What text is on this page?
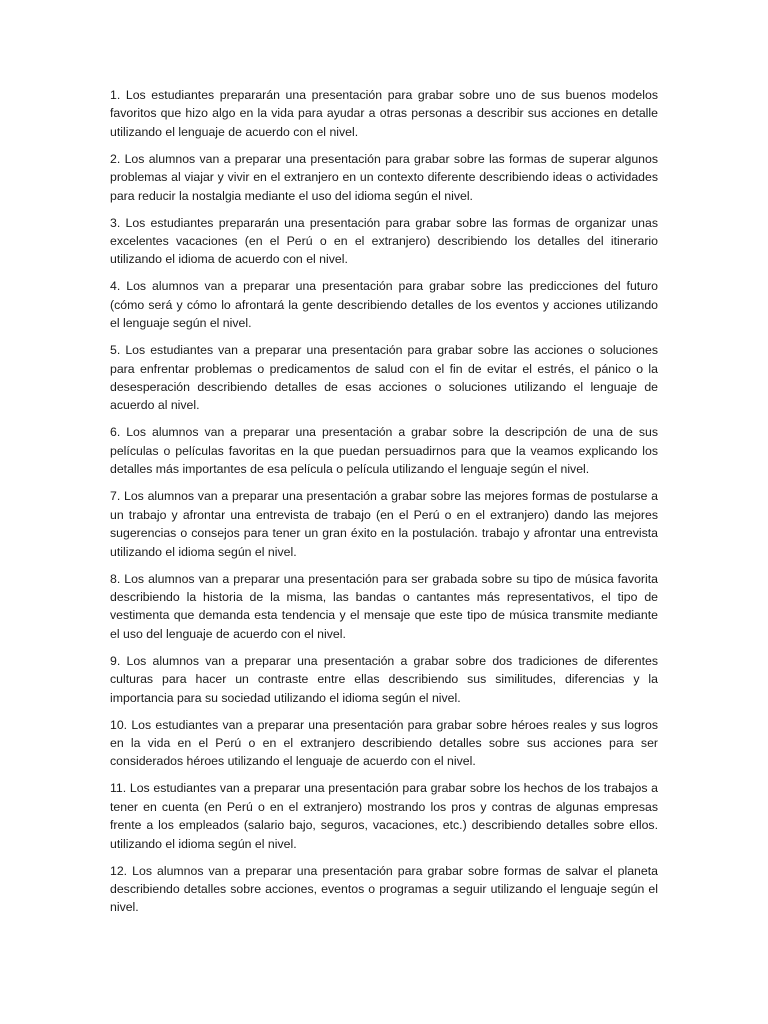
1. Los estudiantes prepararán una presentación para grabar sobre uno de sus buenos modelos favoritos que hizo algo en la vida para ayudar a otras personas a describir sus acciones en detalle utilizando el lenguaje de acuerdo con el nivel.

2. Los alumnos van a preparar una presentación para grabar sobre las formas de superar algunos problemas al viajar y vivir en el extranjero en un contexto diferente describiendo ideas o actividades para reducir la nostalgia mediante el uso del idioma según el nivel.

3. Los estudiantes prepararán una presentación para grabar sobre las formas de organizar unas excelentes vacaciones (en el Perú o en el extranjero) describiendo los detalles del itinerario utilizando el idioma de acuerdo con el nivel.

4. Los alumnos van a preparar una presentación para grabar sobre las predicciones del futuro (cómo será y cómo lo afrontará la gente describiendo detalles de los eventos y acciones utilizando el lenguaje según el nivel.

5. Los estudiantes van a preparar una presentación para grabar sobre las acciones o soluciones para enfrentar problemas o predicamentos de salud con el fin de evitar el estrés, el pánico o la desesperación describiendo detalles de esas acciones o soluciones utilizando el lenguaje de acuerdo al nivel.

6. Los alumnos van a preparar una presentación a grabar sobre la descripción de una de sus películas o películas favoritas en la que puedan persuadirnos para que la veamos explicando los detalles más importantes de esa película o película utilizando el lenguaje según el nivel.

7. Los alumnos van a preparar una presentación a grabar sobre las mejores formas de postularse a un trabajo y afrontar una entrevista de trabajo (en el Perú o en el extranjero) dando las mejores sugerencias o consejos para tener un gran éxito en la postulación. trabajo y afrontar una entrevista utilizando el idioma según el nivel.

8. Los alumnos van a preparar una presentación para ser grabada sobre su tipo de música favorita describiendo la historia de la misma, las bandas o cantantes más representativos, el tipo de vestimenta que demanda esta tendencia y el mensaje que este tipo de música transmite mediante el uso del lenguaje de acuerdo con el nivel.

9. Los alumnos van a preparar una presentación a grabar sobre dos tradiciones de diferentes culturas para hacer un contraste entre ellas describiendo sus similitudes, diferencias y la importancia para su sociedad utilizando el idioma según el nivel.

10. Los estudiantes van a preparar una presentación para grabar sobre héroes reales y sus logros en la vida en el Perú o en el extranjero describiendo detalles sobre sus acciones para ser considerados héroes utilizando el lenguaje de acuerdo con el nivel.

11. Los estudiantes van a preparar una presentación para grabar sobre los hechos de los trabajos a tener en cuenta (en Perú o en el extranjero) mostrando los pros y contras de algunas empresas frente a los empleados (salario bajo, seguros, vacaciones, etc.) describiendo detalles sobre ellos. utilizando el idioma según el nivel.

12. Los alumnos van a preparar una presentación para grabar sobre formas de salvar el planeta describiendo detalles sobre acciones, eventos o programas a seguir utilizando el lenguaje según el nivel.
